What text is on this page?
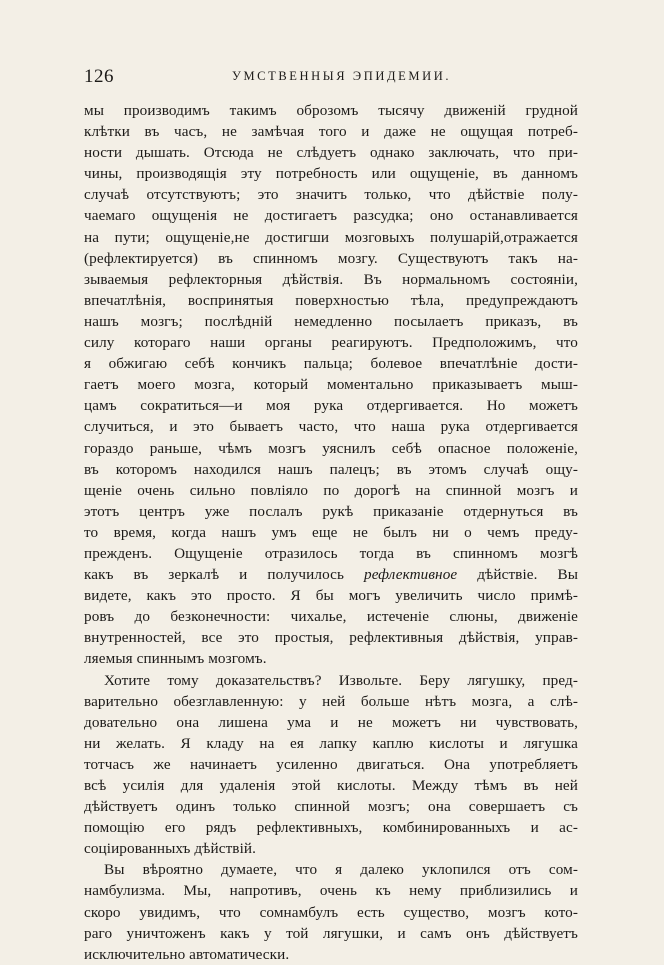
126	УМСТВЕННЫЯ ЭПИДЕМИИ.
мы производимъ такимъ оброзомъ тысячу движеній грудной
клѣтки въ часъ, не замѣчая того и даже не ощущая потреб-
ности дышать. Отсюда не слѣдуетъ однако заключать, что при-
чины, производящія эту потребность или ощущеніе, въ данномъ
случаѣ отсутствуютъ; это значитъ только, что дѣйствіе полу-
чаемаго ощущенія не достигаетъ разсудка; оно останавливается
на пути; ощущеніе,не достигши мозговыхъ полушарій,отражается
(рефлектируется) въ спинномъ мозгу. Существуютъ такъ на-
зываемыя рефлекторныя дѣйствія. Въ нормальномъ состояніи,
впечатлѣнія, воспринятыя поверхностью тѣла, предупреждаютъ
нашъ мозгъ; послѣдній немедленно посылаетъ приказъ, въ
силу котораго наши органы реагируютъ. Предположимъ, что
я обжигаю себѣ кончикъ пальца; болевое впечатлѣніе дости-
гаетъ моего мозга, который моментально приказываетъ мыш-
цамъ сократиться—и моя рука отдергивается. Но можетъ
случиться, и это бываетъ часто, что наша рука отдергивается
гораздо раньше, чѣмъ мозгъ уяснилъ себѣ опасное положеніе,
въ которомъ находился нашъ палецъ; въ этомъ случаѣ ощу-
щеніе очень сильно повліяло по дорогѣ на спинной мозгъ и
этотъ центръ уже послалъ рукѣ приказаніе отдернуться въ
то время, когда нашъ умъ еще не былъ ни о чемъ преду-
прежденъ. Ощущеніе отразилось тогда въ спинномъ мозгѣ
какъ въ зеркалѣ и получилось рефлективное дѣйствіе. Вы
видете, какъ это просто. Я бы могъ увеличить число примѣ-
ровъ до безконечности: чихалье, истеченіе слюны, движеніе
внутренностей, все это простыя, рефлективныя дѣйствія, управ-
ляемыя спиннымъ мозгомъ.
Хотите тому доказательствъ? Извольте. Беру лягушку, пред-
варительно обезглавленную: у ней больше нѣтъ мозга, а слѣ-
довательно она лишена ума и не можетъ ни чувствовать,
ни желать. Я кладу на ея лапку каплю кислоты и лягушка
тотчасъ же начинаетъ усиленно двигаться. Она употребляетъ
всѣ усилія для удаленія этой кислоты. Между тѣмъ въ ней
дѣйствуетъ одинъ только спинной мозгъ; она совершаетъ съ
помощію его рядъ рефлективныхъ, комбинированныхъ и ас-
соціированныхъ дѣйствій.
Вы вѣроятно думаете, что я далеко уклопился отъ сом-
намбулизма. Мы, напротивъ, очень къ нему приблизились и
скоро увидимъ, что сомнамбулъ есть существо, мозгъ кото-
раго уничтоженъ какъ у той лягушки, и самъ онъ дѣйствуетъ
исключительно автоматически.
